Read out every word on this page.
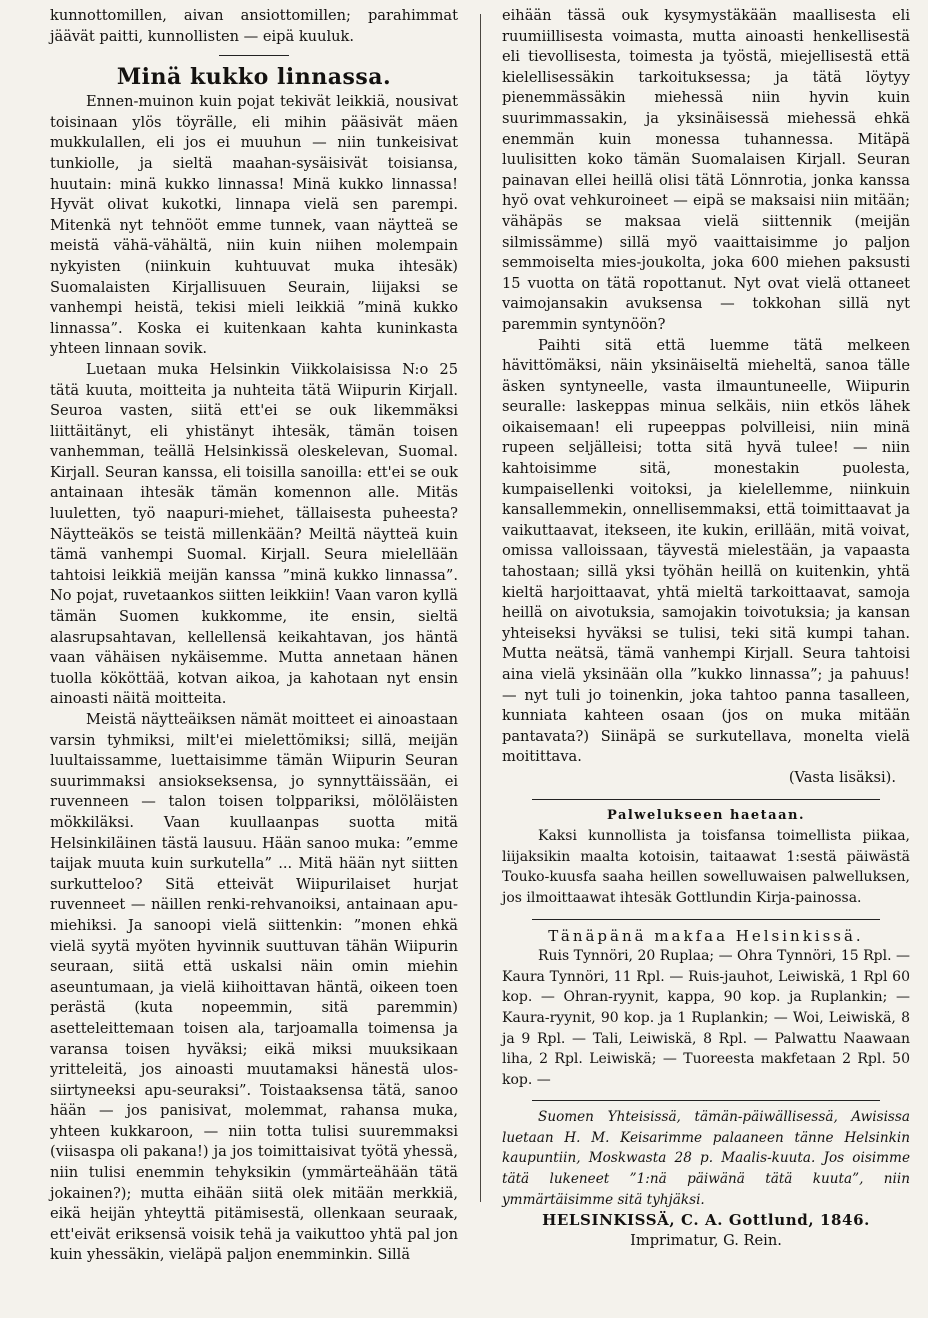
kunnottomillen, aivan ansiottomillen; parahimmat jäävät paitti, kunnollisten — eipä kuuluk.

Minä kukko linnassa.

Ennen-muinon kuin pojat tekivät leikkiä, nousivat toisinaan ylös töyrälle, eli mihin pääsivät mäen mukkulallen, eli jos ei muuhun — niin tunkeisivat tunkiolle, ja sieltä maahan-sysäisivät toisiansa, huutain: minä kukko linnassa! Minä kukko linnassa! Hyvät olivat kukotki, linnapa vielä sen parempi. Mitenkä nyt tehnööt emme tunnek, vaan näytteä se meistä vähä-vähältä, niin kuin niihen molempain nykyisten (niinkuin kuhtuuvat muka ihtesäk) Suomalaisten Kirjallisuuen Seurain, liijaksi se vanhempi heistä, tekisi mieli leikkiä ”minä kukko linnassa”. Koska ei kuitenkaan kahta kuninkasta yhteen linnaan sovik.

Luetaan muka Helsinkin Viikkolaisissa N:o 25 tätä kuuta, moitteita ja nuhteita tätä Wiipurin Kirjall. Seuroa vasten, siitä ett'ei se ouk likemmäksi liittäitänyt, eli yhistänyt ihtesäk, tämän toisen vanhemman, teällä Helsinkissä oleskelevan, Suomal. Kirjall. Seuran kanssa, eli toisilla sanoilla: ett'ei se ouk antainaan ihtesäk tämän komennon alle. Mitäs luuletten, työ naapuri-miehet, tällaisesta puheesta? Näytteäkös se teistä millenkään? Meiltä näytteä kuin tämä vanhempi Suomal. Kirjall. Seura mielellään tahtoisi leikkiä meijän kanssa ”minä kukko linnassa”. No pojat, ruvetaankos siitten leikkiin! Vaan varon kyllä tämän Suomen kukkomme, ite ensin, sieltä alasrupsahtavan, kellellensä keikahtavan, jos häntä vaan vähäisen nykäisemme. Mutta annetaan hänen tuolla kököttää, kotvan aikoa, ja kahotaan nyt ensin ainoasti näitä moitteita.

Meistä näytteäiksen nämät moitteet ei ainoastaan varsin tyhmiksi, milt'ei mielettömiksi; sillä, meijän luultaissamme, luettaisimme tämän Wiipurin Seuran suurimmaksi ansiokseksensa, jo synnyttäissään, ei ruvenneen — talon toisen tolppariksi, mölöläisten mökkiläksi. Vaan kuullaanpas suotta mitä Helsinkiläinen tästä lausuu. Hään sanoo muka: ”emme taijak muuta kuin surkutella” ... Mitä hään nyt siitten surkutteloo? Sitä etteivät Wiipurilaiset hurjat ruvenneet — näillen renki-rehvanoiksi, antainaan apu-miehiksi. Ja sanoopi vielä siittenkin: ”monen ehkä vielä syytä myöten hyvinnik suuttuvan tähän Wiipurin seuraan, siitä että uskalsi näin omin miehin aseuntumaan, ja vielä kiihoittavan häntä, oikeen toen perästä (kuta nopeemmin, sitä paremmin) asetteleittemaan toisen ala, tarjoamalla toimensa ja varansa toisen hyväksi; eikä miksi muuksikaan yritteleitä, jos ainoasti muutamaksi hänestä ulos-siirtyneeksi apu-seuraksi”. Toistaaksensa tätä, sanoo hään — jos panisivat, molemmat, rahansa muka, yhteen kukkaroon, — niin totta tulisi suuremmaksi (viisaspa oli pakana!) ja jos toimittaisivat työtä yhessä, niin tulisi enemmin tehyksikin (ymmärteähään tätä jokainen?); mutta eihään siitä olek mitään merkkiä, eikä heijän yhteyttä pitämisestä, ollenkaan seuraak, ett'eivät eriksensä voisik tehä ja vaikuttoo yhtä pal jon kuin yhessäkin, vieläpä paljon enemminkin. Sillä

eihään tässä ouk kysymystäkään maallisesta eli ruumiillisesta voimasta, mutta ainoasti henkellisestä eli tievollisesta, toimesta ja työstä, miejellisestä että kielellisessäkin tarkoituksessa; ja tätä löytyy pienemmässäkin miehessä niin hyvin kuin suurimmassakin, ja yksinäisessä miehessä ehkä enemmän kuin monessa tuhannessa. Mitäpä luulisitten koko tämän Suomalaisen Kirjall. Seuran painavan ellei heillä olisi tätä Lönnrotia, jonka kanssa hyö ovat vehkuroineet — eipä se maksaisi niin mitään; vähäpäs se maksaa vielä siittennik (meijän silmissämme) sillä myö vaaittaisimme jo paljon semmoiselta mies-joukolta, joka 600 miehen paksusti 15 vuotta on tätä ropottanut. Nyt ovat vielä ottaneet vaimojansakin avuksensa — tokkohan sillä nyt paremmin syntynöön?

Paihti sitä että luemme tätä melkeen hävittömäksi, näin yksinäiseltä mieheltä, sanoa tälle äsken syntyneelle, vasta ilmauntuneelle, Wiipurin seuralle: laskeppas minua selkäis, niin etkös lähek oikaisemaan! eli rupeeppas polvilleisi, niin minä rupeen seljälleisi; totta sitä hyvä tulee! — niin kahtoisimme sitä, monestakin puolesta, kumpaisellenki voitoksi, ja kielellemme, niinkuin kansallemmekin, onnellisemmaksi, että toimittaavat ja vaikuttaavat, itekseen, ite kukin, erillään, mitä voivat, omissa valloissaan, täyvestä mielestään, ja vapaasta tahostaan; sillä yksi työhän heillä on kuitenkin, yhtä kieltä harjoittaavat, yhtä mieltä tarkoittaavat, samoja heillä on aivotuksia, samojakin toivotuksia; ja kansan yhteiseksi hyväksi se tulisi, teki sitä kumpi tahan. Mutta neätsä, tämä vanhempi Kirjall. Seura tahtoisi aina vielä yksinään olla ”kukko linnassa”; ja pahuus! — nyt tuli jo toinenkin, joka tahtoo panna tasalleen, kunniata kahteen osaan (jos on muka mitään pantavata?) Siinäpä se surkutellava, monelta vielä moitittava.

(Vasta lisäksi).

Palwelukseen haetaan.

Kaksi kunnollista ja toisfansa toimellista piikaa, liijaksikin maalta kotoisin, taitaawat 1:sestä päiwästä Touko-kuusfa saaha heillen sowelluwaisen palwelluksen, jos ilmoittaawat ihtesäk Gottlundin Kirja-painossa.

Tänäpänä makfaa Helsinkissä.

Ruis Tynnöri, 20 Ruplaa; — Ohra Tynnöri, 15 Rpl. — Kaura Tynnöri, 11 Rpl. — Ruis-jauhot, Leiwiskä, 1 Rpl 60 kop. — Ohran-ryynit, kappa, 90 kop. ja Ruplankin; — Kaura-ryynit, 90 kop. ja 1 Ruplankin; — Woi, Leiwiskä, 8 ja 9 Rpl. — Tali, Leiwiskä, 8 Rpl. — Palwattu Naawaan liha, 2 Rpl. Leiwiskä; — Tuoreesta makfetaan 2 Rpl. 50 kop. —

Suomen Yhteisissä, tämän-päiwällisessä, Awisissa luetaan H. M. Keisarimme palaaneen tänne Helsinkin kaupuntiin, Moskwasta 28 p. Maalis-kuuta. Jos oisimme tätä lukeneet ”1:nä päiwänä tätä kuuta”, niin ymmärtäisimme sitä tyhjäksi.

HELSINKISSÄ, C. A. Gottlund, 1846.

Imprimatur, G. Rein.
